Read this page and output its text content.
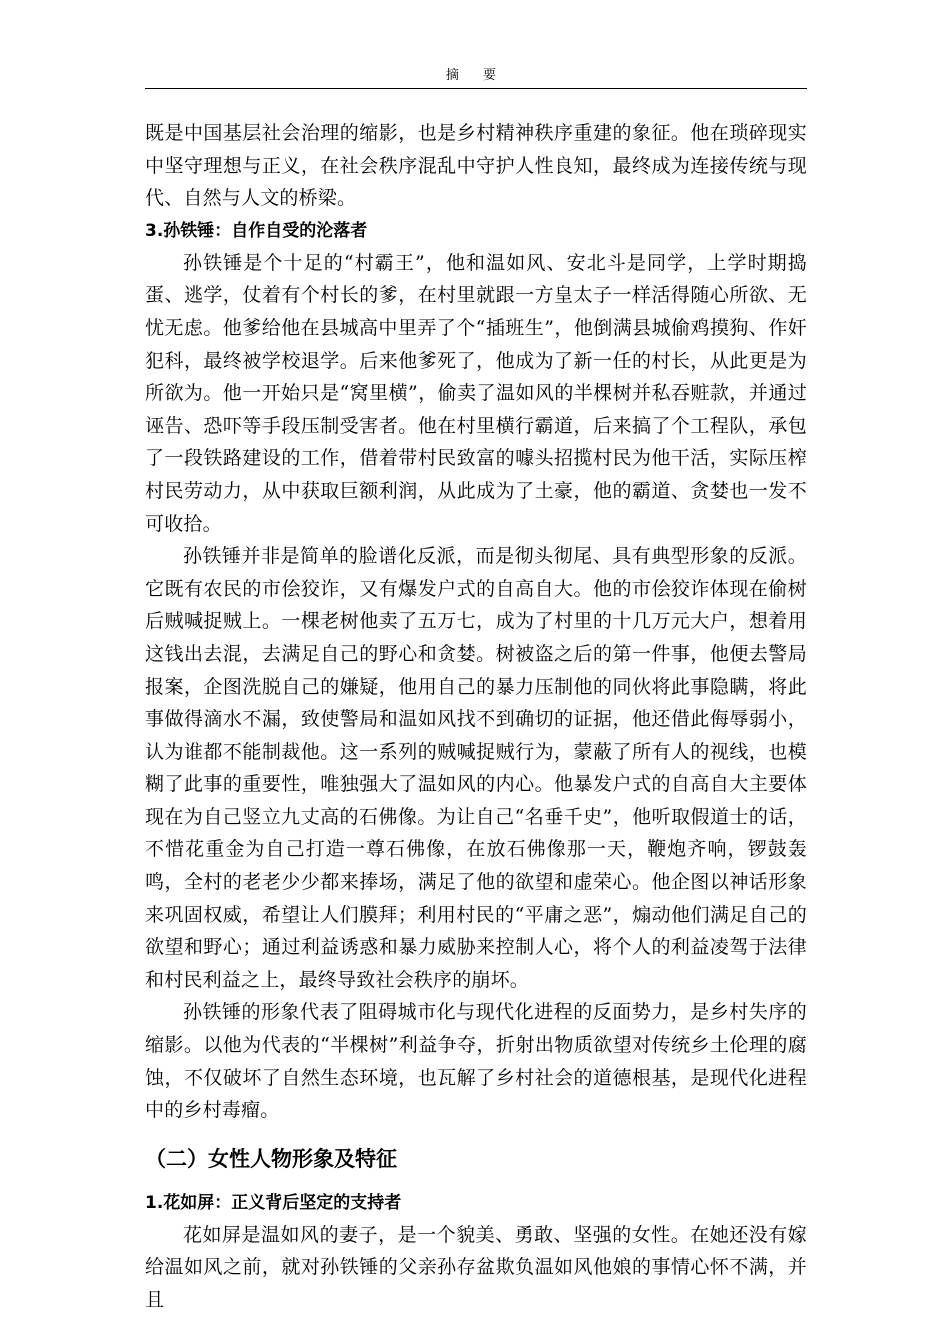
摘 要

既是中国基层社会治理的缩影，也是乡村精神秩序重建的象征。他在琐碎现实中坚守理想与正义，在社会秩序混乱中守护人性良知，最终成为连接传统与现代、自然与人文的桥梁。

3.孙铁锤：自作自受的沦落者

孙铁锤是个十足的“村霸王”，他和温如风、安北斗是同学，上学时期捣蛋、逃学，仗着有个村长的爹，在村里就跟一方皇太子一样活得随心所欲、无忧无虑。他爹给他在县城高中里弄了个“插班生”，他倒满县城偷鸡摸狗、作奸犯科，最终被学校退学。后来他爹死了，他成为了新一任的村长，从此更是为所欲为。他一开始只是“窝里横”，偷卖了温如风的半棵树并私吞赃款，并通过诬告、恐吓等手段压制受害者。他在村里横行霸道，后来搞了个工程队，承包了一段铁路建设的工作，借着带村民致富的噱头招揽村民为他干活，实际压榨村民劳动力，从中获取巨额利润，从此成为了土豪，他的霸道、贪婪也一发不可收拾。

孙铁锤并非是简单的脸谱化反派，而是彻头彻尾、具有典型形象的反派。它既有农民的市侩狡诈，又有爆发户式的自高自大。他的市侩狡诈体现在偷树后贼喊捉贼上。一棵老树他卖了五万七，成为了村里的十几万元大户，想着用这钱出去混，去满足自己的野心和贪婪。树被盗之后的第一件事，他便去警局报案，企图洗脱自己的嫌疑，他用自己的暴力压制他的同伙将此事隐瞒，将此事做得滴水不漏，致使警局和温如风找不到确切的证据，他还借此侮辱弱小，认为谁都不能制裁他。这一系列的贼喊捉贼行为，蒙蔽了所有人的视线，也模糊了此事的重要性，唯独强大了温如风的内心。他暴发户式的自高自大主要体现在为自己竖立九丈高的石佛像。为让自己“名垂千史”，他听取假道士的话，不惜花重金为自己打造一尊石佛像，在放石佛像那一天，鞭炮齐响，锣鼓轰鸣，全村的老老少少都来捧场，满足了他的欲望和虚荣心。他企图以神话形象来巩固权威，希望让人们膜拜；利用村民的“平庸之恶”，煽动他们满足自己的欲望和野心；通过利益诱惑和暴力威胁来控制人心，将个人的利益凌驾于法律和村民利益之上，最终导致社会秩序的崩坏。

孙铁锤的形象代表了阻碍城市化与现代化进程的反面势力，是乡村失序的缩影。以他为代表的“半棵树”利益争夺，折射出物质欲望对传统乡土伦理的腐蚀，不仅破坏了自然生态环境，也瓦解了乡村社会的道德根基，是现代化进程中的乡村毒瘤。

（二）女性人物形象及特征

1.花如屏：正义背后坚定的支持者

花如屏是温如风的妻子，是一个貌美、勇敢、坚强的女性。在她还没有嫁给温如风之前，就对孙铁锤的父亲孙存盆欺负温如风他娘的事情心怀不满，并且
